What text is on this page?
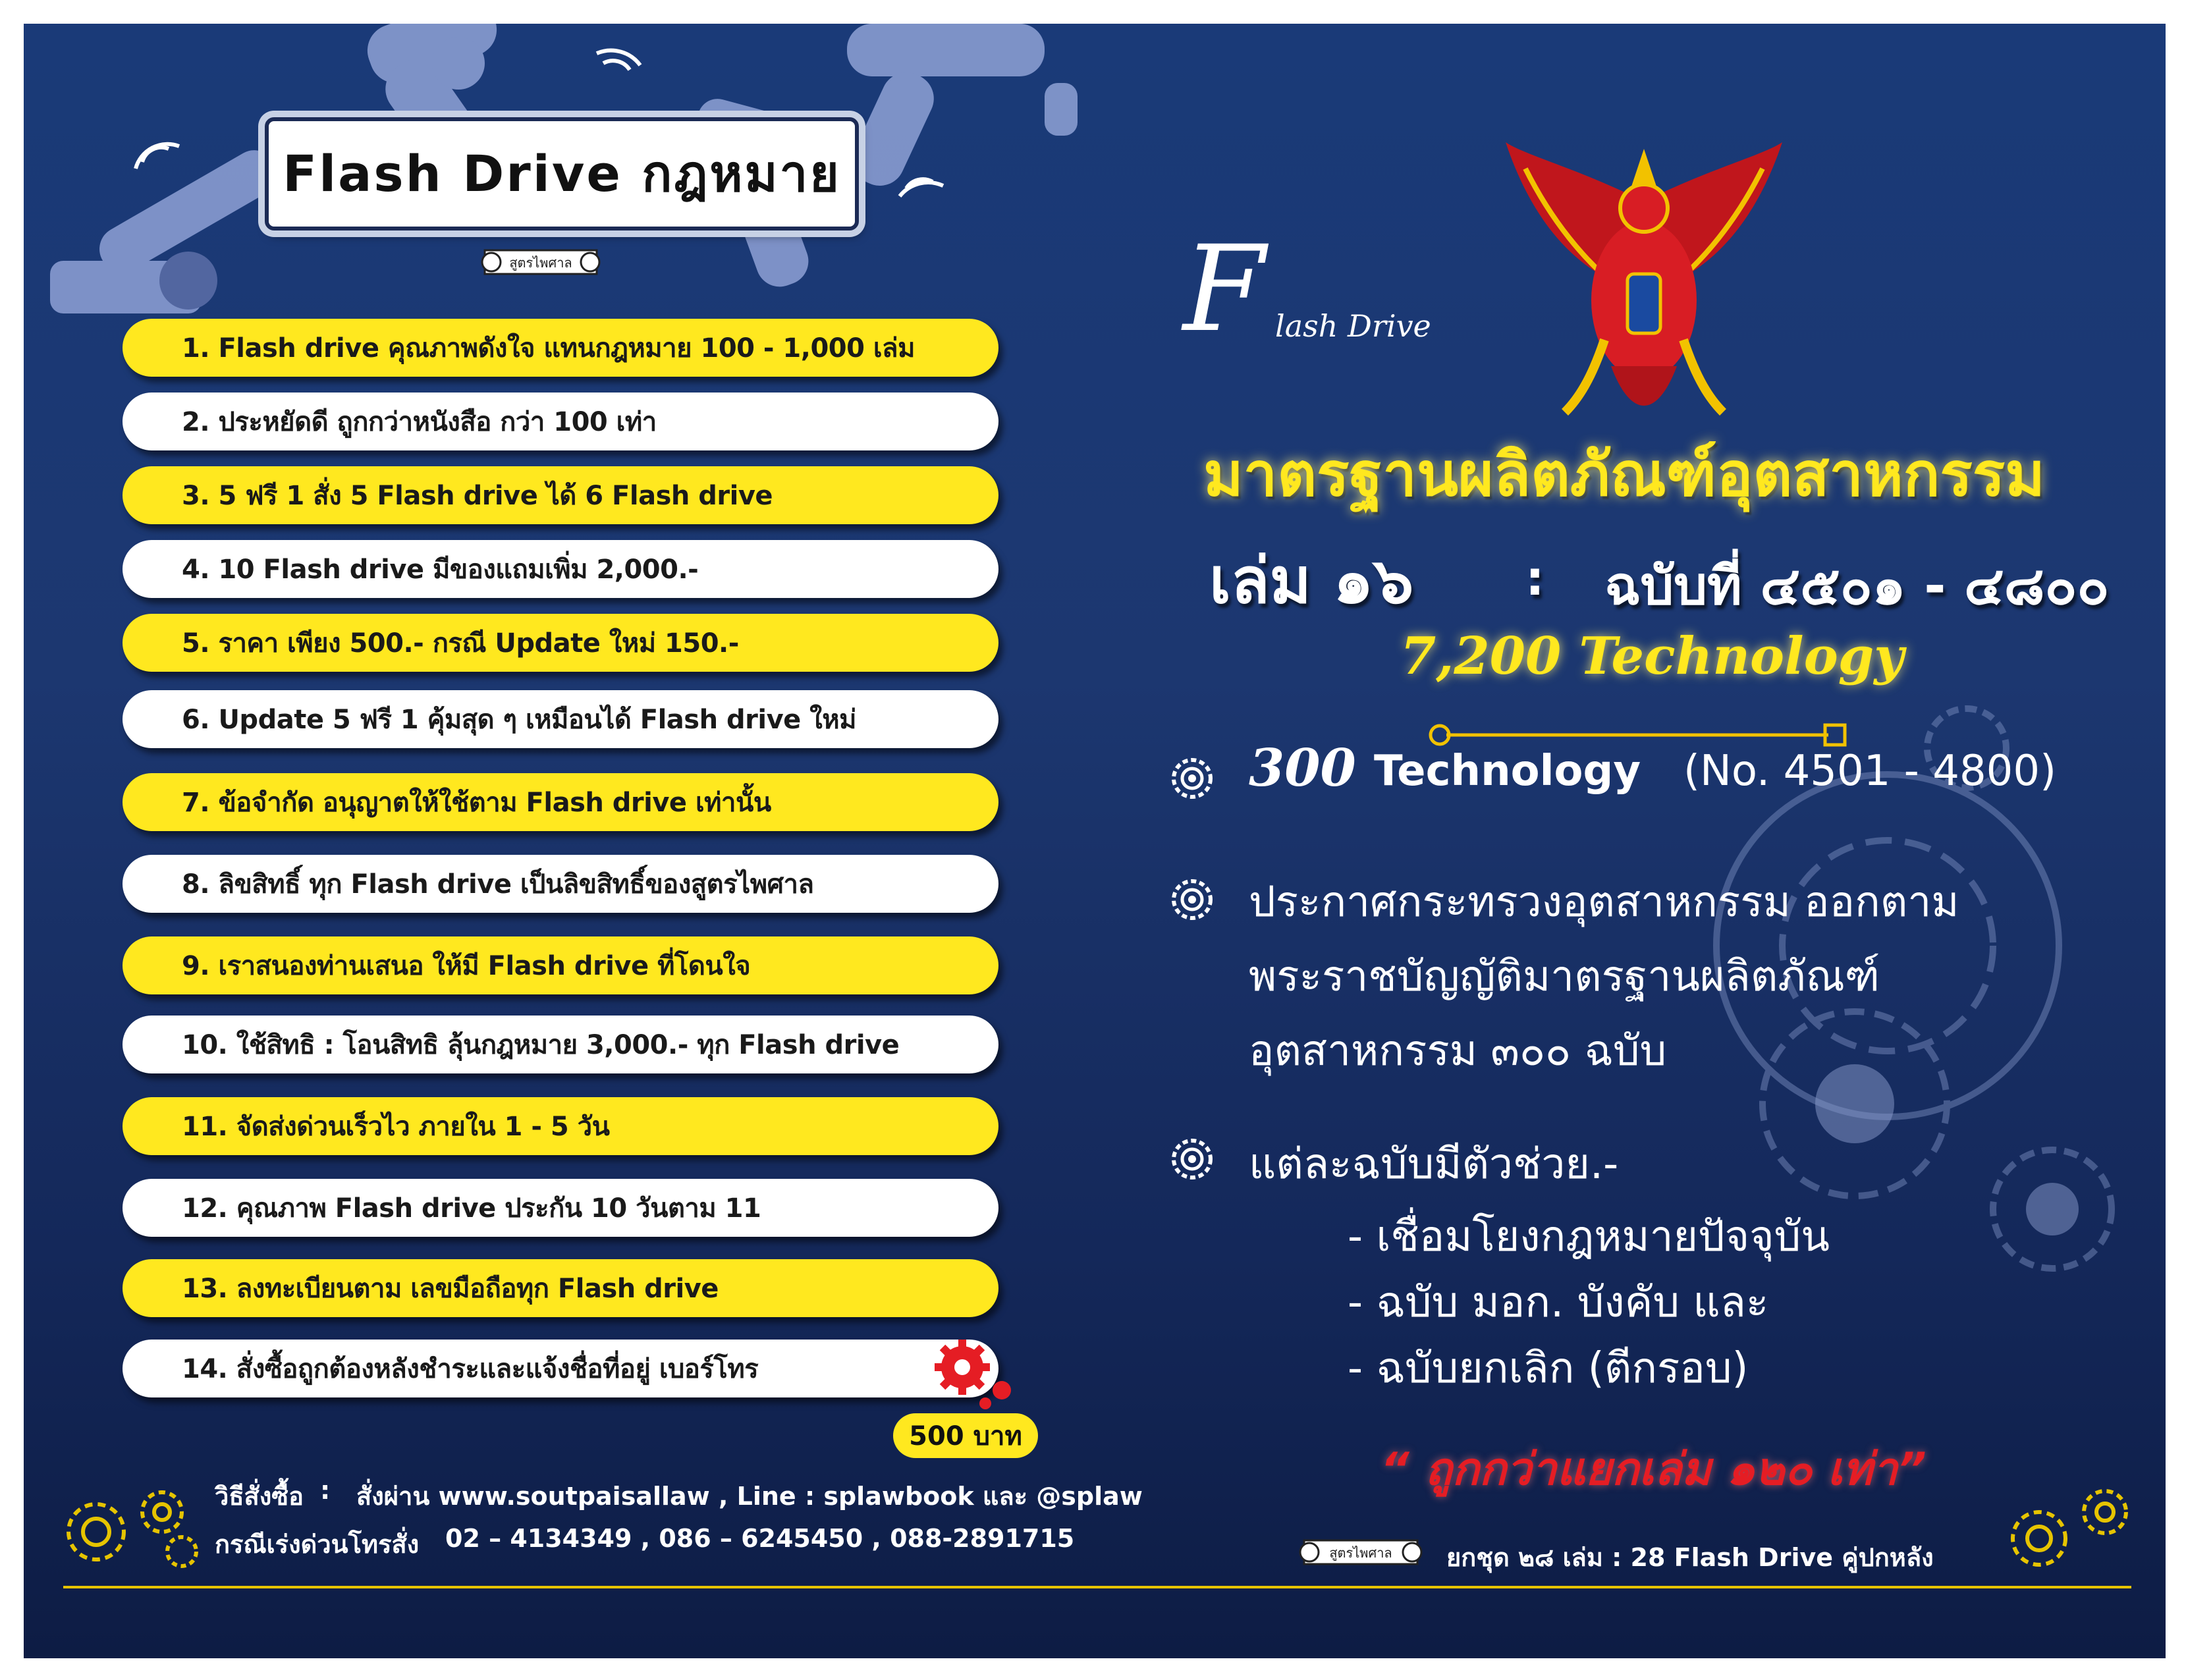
Flash Drive กฎหมาย
สูตรไพศาล
1. Flash drive คุณภาพดังใจ แทนกฎหมาย 100 - 1,000 เล่ม
2. ประหยัดดี ถูกกว่าหนังสือ กว่า 100 เท่า
3. 5 ฟรี 1 สั่ง 5 Flash drive ได้ 6 Flash drive
4. 10 Flash drive มีของแถมเพิ่ม 2,000.-
5. ราคา เพียง 500.- กรณี Update ใหม่ 150.-
6. Update 5 ฟรี 1 คุ้มสุด ๆ เหมือนได้ Flash drive ใหม่
7. ข้อจำกัด อนุญาตให้ใช้ตาม Flash drive เท่านั้น
8. ลิขสิทธิ์ ทุก Flash drive เป็นลิขสิทธิ์ของสูตรไพศาล
9. เราสนองท่านเสนอ ให้มี Flash drive ที่โดนใจ
10. ใช้สิทธิ : โอนสิทธิ ลุ้นกฎหมาย 3,000.- ทุก Flash drive
11. จัดส่งด่วนเร็วไว ภายใน 1 - 5 วัน
12. คุณภาพ Flash drive ประกัน 10 วันตาม 11
13. ลงทะเบียนตาม เลขมือถือทุก Flash drive
14. สั่งซื้อถูกต้องหลังชำระและแจ้งชื่อที่อยู่ เบอร์โทร
500 บาท
วิธีสั่งซื้อ : สั่งผ่าน www.soutpaisallaw , Line : splawbook และ @splaw
กรณีเร่งด่วนโทรสั่ง 02 – 4134349 , 086 – 6245450 , 088-2891715
F lash Drive
มาตรฐานผลิตภัณฑ์อุตสาหกรรม
เล่ม ๑๖ : ฉบับที่ ๔๕๐๑ - ๔๘๐๐
7,200 Technology
300 Technology (No. 4501 - 4800)
ประกาศกระทรวงอุตสาหกรรม ออกตาม
พระราชบัญญัติมาตรฐานผลิตภัณฑ์
อุตสาหกรรม ๓๐๐ ฉบับ
แต่ละฉบับมีตัวช่วย.-
- เชื่อมโยงกฎหมายปัจจุบัน
- ฉบับ มอก. บังคับ และ
- ฉบับยกเลิก (ตีกรอบ)
“ ถูกกว่าแยกเล่ม ๑๒๐ เท่า”
สูตรไพศาล ยกชุด ๒๘ เล่ม : 28 Flash Drive คู่ปกหลัง
